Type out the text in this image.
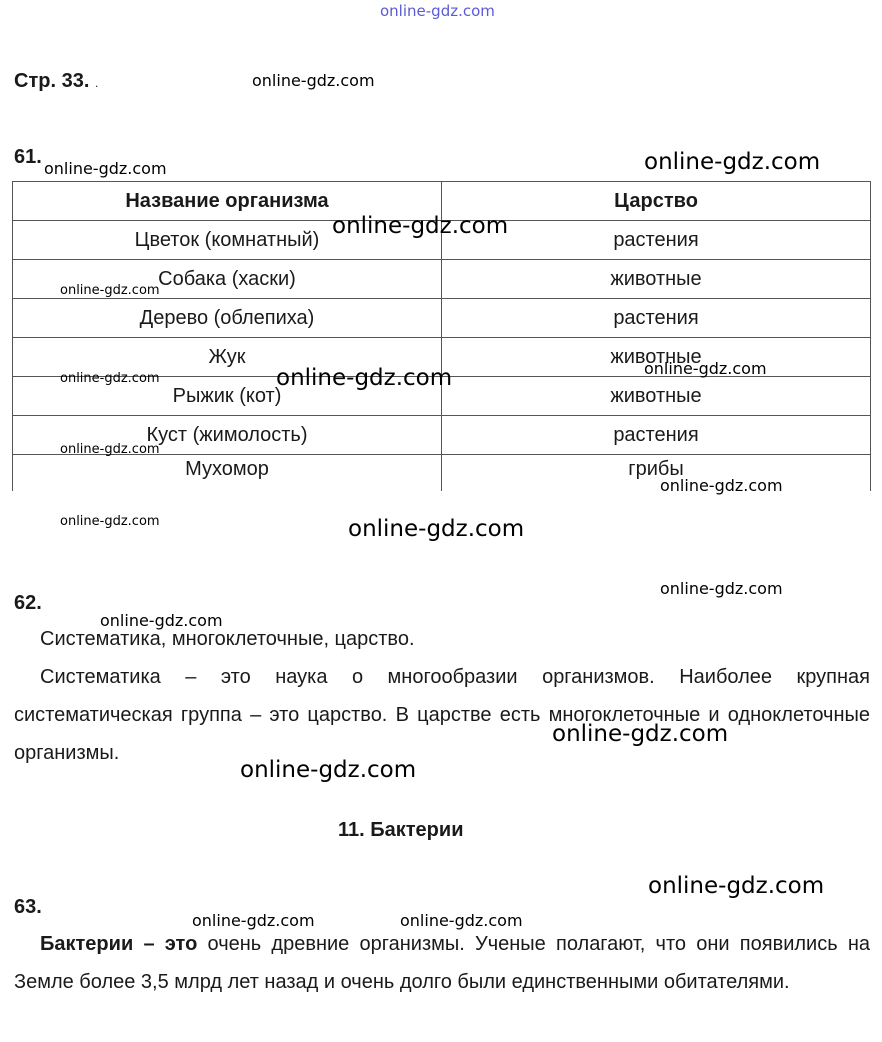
online-gdz.com
Стр. 33. .
61.
Название организма	Царство
Цветок (комнатный)	растения
Собака (хаски)	животные
Дерево (облепиха)	растения
Жук	животные
Рыжик (кот)	животные
Куст (жимолость)	растения
Мухомор	грибы
62.
Систематика, многоклеточные, царство.
Систематика – это наука о многообразии организмов. Наиболее крупная систематическая группа – это царство. В царстве есть многоклеточные и одноклеточные организмы.
11. Бактерии
63.
Бактерии – это очень древние организмы. Ученые полагают, что они появились на Земле более 3,5 млрд лет назад и очень долго были единственными обитателями.
online-gdz.com
online-gdz.com	online-gdz.com
online-gdz.com
online-gdz.com
online-gdz.com
online-gdz.com	online-gdz.com
online-gdz.com
online-gdz.com
online-gdz.com	online-gdz.com
online-gdz.com
online-gdz.com
online-gdz.com
online-gdz.com
online-gdz.com
online-gdz.com	online-gdz.com
